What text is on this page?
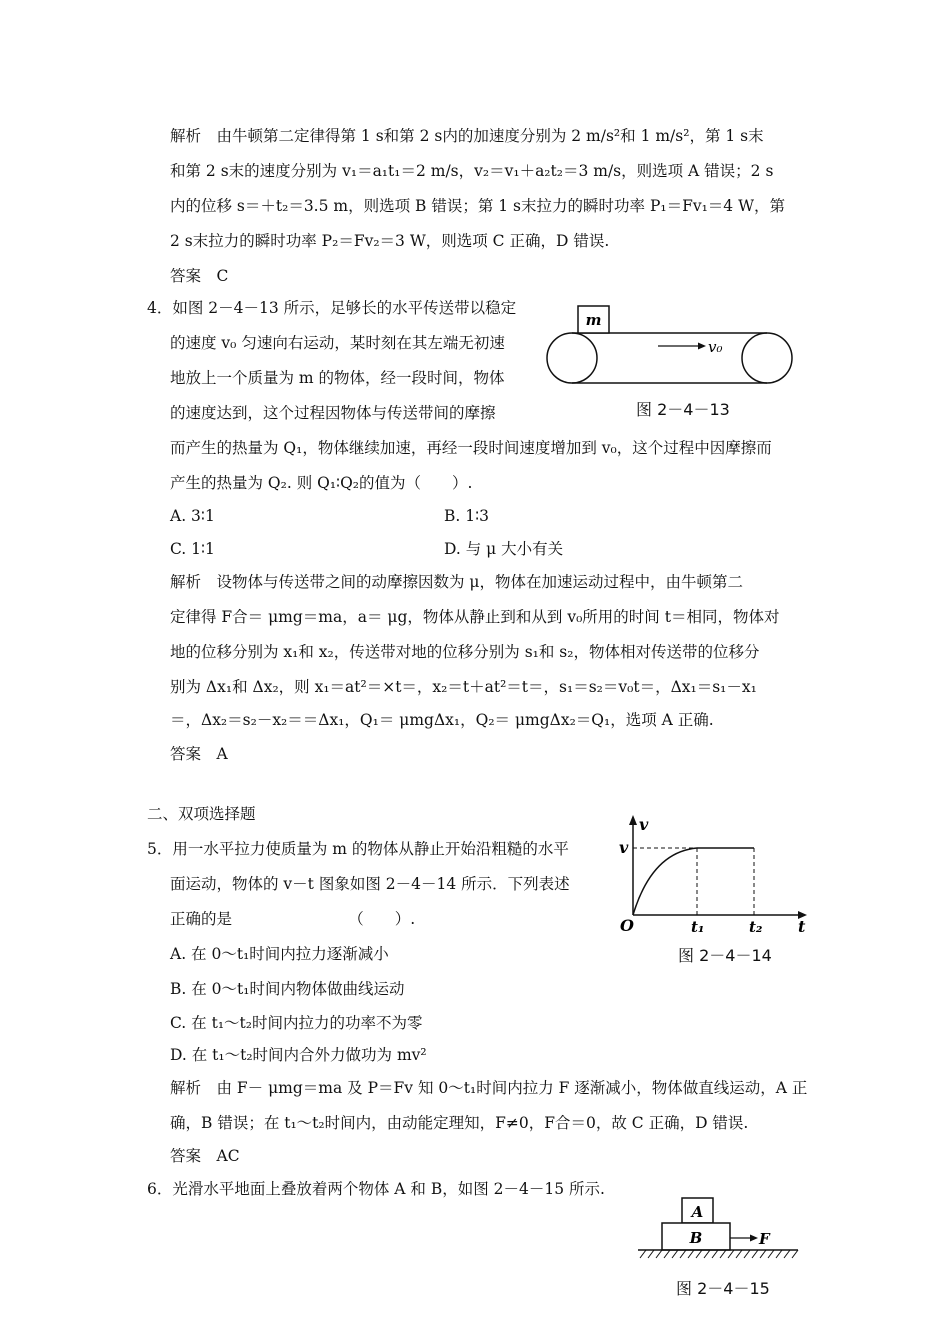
解析　由牛顿第二定律得第 1 s和第 2 s内的加速度分别为 2 m/s²和 1 m/s²，第 1 s末
和第 2 s末的速度分别为 v₁＝a₁t₁＝2 m/s，v₂＝v₁＋a₂t₂＝3 m/s，则选项 A 错误；2 s
内的位移 s＝＋t₂＝3.5 m，则选项 B 错误；第 1 s末拉力的瞬时功率 P₁＝Fv₁＝4 W，第
2 s末拉力的瞬时功率 P₂＝Fv₂＝3 W，则选项 C 正确，D 错误.
答案　C
4．如图 2－4－13 所示，足够长的水平传送带以稳定
的速度 v₀ 匀速向右运动，某时刻在其左端无初速
地放上一个质量为 m 的物体，经一段时间，物体
的速度达到，这个过程因物体与传送带间的摩擦
而产生的热量为 Q₁，物体继续加速，再经一段时间速度增加到 v₀，这个过程中因摩擦而
产生的热量为 Q₂. 则 Q₁∶Q₂的值为（　　）.
A. 3∶1	B. 1∶3
C. 1∶1	D. 与 μ 大小有关
解析　设物体与传送带之间的动摩擦因数为 μ，物体在加速运动过程中，由牛顿第二
定律得 F合＝ μmg＝ma，a＝ μg，物体从静止到和从到 v₀所用的时间 t＝相同，物体对
地的位移分别为 x₁和 x₂，传送带对地的位移分别为 s₁和 s₂，物体相对传送带的位移分
别为 Δx₁和 Δx₂，则 x₁＝at²＝×t＝，x₂＝t＋at²＝t＝，s₁＝s₂＝v₀t＝，Δx₁＝s₁－x₁
＝，Δx₂＝s₂－x₂＝＝Δx₁，Q₁＝ μmgΔx₁，Q₂＝ μmgΔx₂＝Q₁，选项 A 正确.
答案　A
m
v₀
图 2－4－13
二、双项选择题
5．用一水平拉力使质量为 m 的物体从静止开始沿粗糙的水平
面运动，物体的 v－t 图象如图 2－4－14 所示．下列表述
正确的是　　　　　　　　（　　）.
A. 在 0～t₁时间内拉力逐渐减小
B. 在 0～t₁时间内物体做曲线运动
C. 在 t₁～t₂时间内拉力的功率不为零
D. 在 t₁～t₂时间内合外力做功为 mv²
解析　由 F－ μmg＝ma 及 P＝Fv 知 0～t₁时间内拉力 F 逐渐减小，物体做直线运动，A 正
确，B 错误；在 t₁～t₂时间内，由动能定理知，F≠0，F合＝0，故 C 正确，D 错误.
答案　AC
v
t
O
v
t₁	t₂
图 2－4－14
6．光滑水平地面上叠放着两个物体 A 和 B，如图 2－4－15 所示.
A
B	F
图 2－4－15
